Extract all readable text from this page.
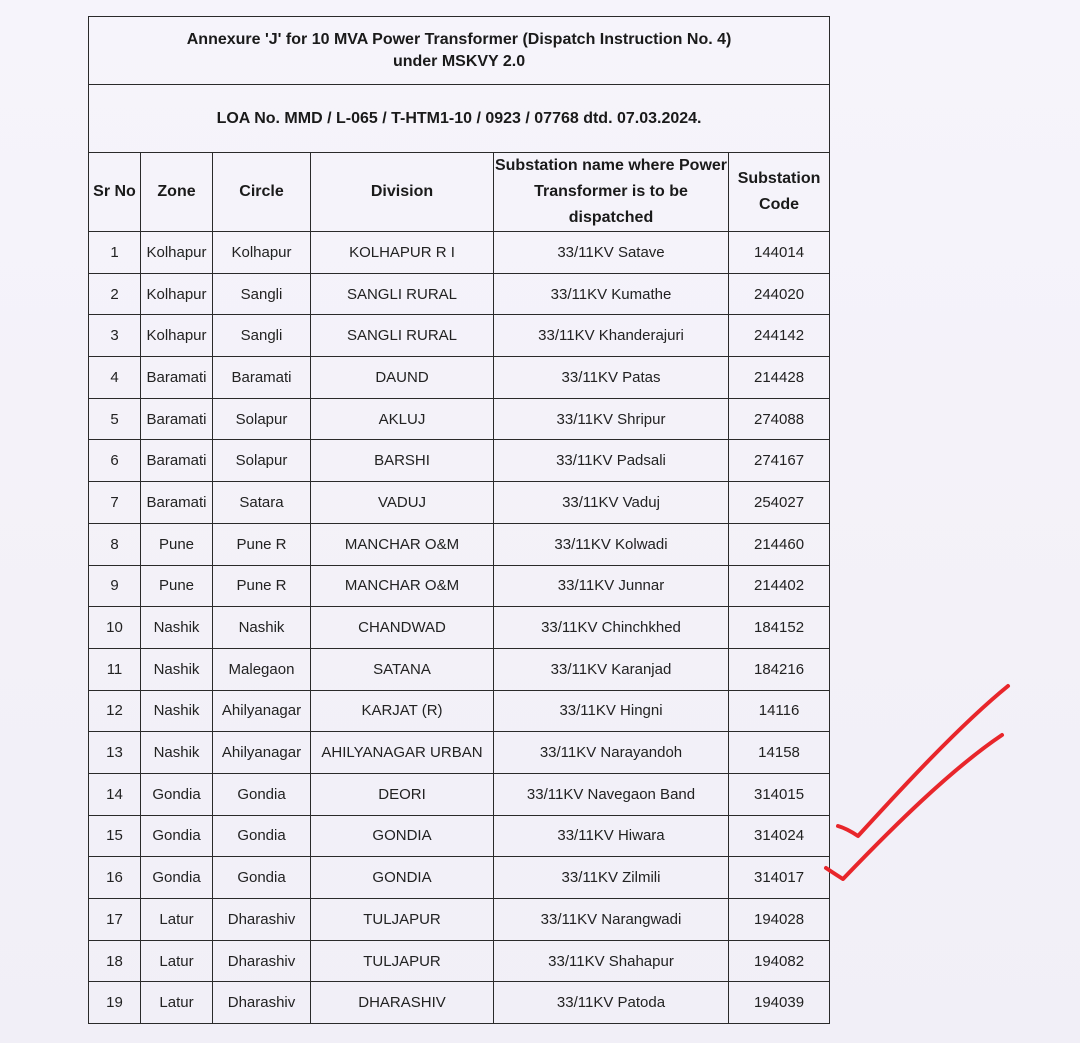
Annexure 'J' for 10 MVA Power Transformer (Dispatch Instruction No. 4)
under MSKVY 2.0					

LOA No. MMD / L-065 / T-HTM1-10 / 0923 / 07768 dtd. 07.03.2024.					
Sr No	Zone	Circle	Division	Substation name where Power Transformer is to be dispatched	Substation Code
1	Kolhapur	Kolhapur	KOLHAPUR R I	33/11KV Satave	144014
2	Kolhapur	Sangli	SANGLI RURAL	33/11KV Kumathe	244020
3	Kolhapur	Sangli	SANGLI RURAL	33/11KV Khanderajuri	244142
4	Baramati	Baramati	DAUND	33/11KV Patas	214428
5	Baramati	Solapur	AKLUJ	33/11KV Shripur	274088
6	Baramati	Solapur	BARSHI	33/11KV Padsali	274167
7	Baramati	Satara	VADUJ	33/11KV Vaduj	254027
8	Pune	Pune R	MANCHAR O&M	33/11KV Kolwadi	214460
9	Pune	Pune R	MANCHAR O&M	33/11KV Junnar	214402
10	Nashik	Nashik	CHANDWAD	33/11KV Chinchkhed	184152
11	Nashik	Malegaon	SATANA	33/11KV Karanjad	184216
12	Nashik	Ahilyanagar	KARJAT (R)	33/11KV Hingni	14116
13	Nashik	Ahilyanagar	AHILYANAGAR URBAN	33/11KV Narayandoh	14158
14	Gondia	Gondia	DEORI	33/11KV Navegaon Band	314015
15	Gondia	Gondia	GONDIA	33/11KV Hiwara	314024
16	Gondia	Gondia	GONDIA	33/11KV Zilmili	314017
17	Latur	Dharashiv	TULJAPUR	33/11KV Narangwadi	194028
18	Latur	Dharashiv	TULJAPUR	33/11KV Shahapur	194082
19	Latur	Dharashiv	DHARASHIV	33/11KV Patoda	194039
